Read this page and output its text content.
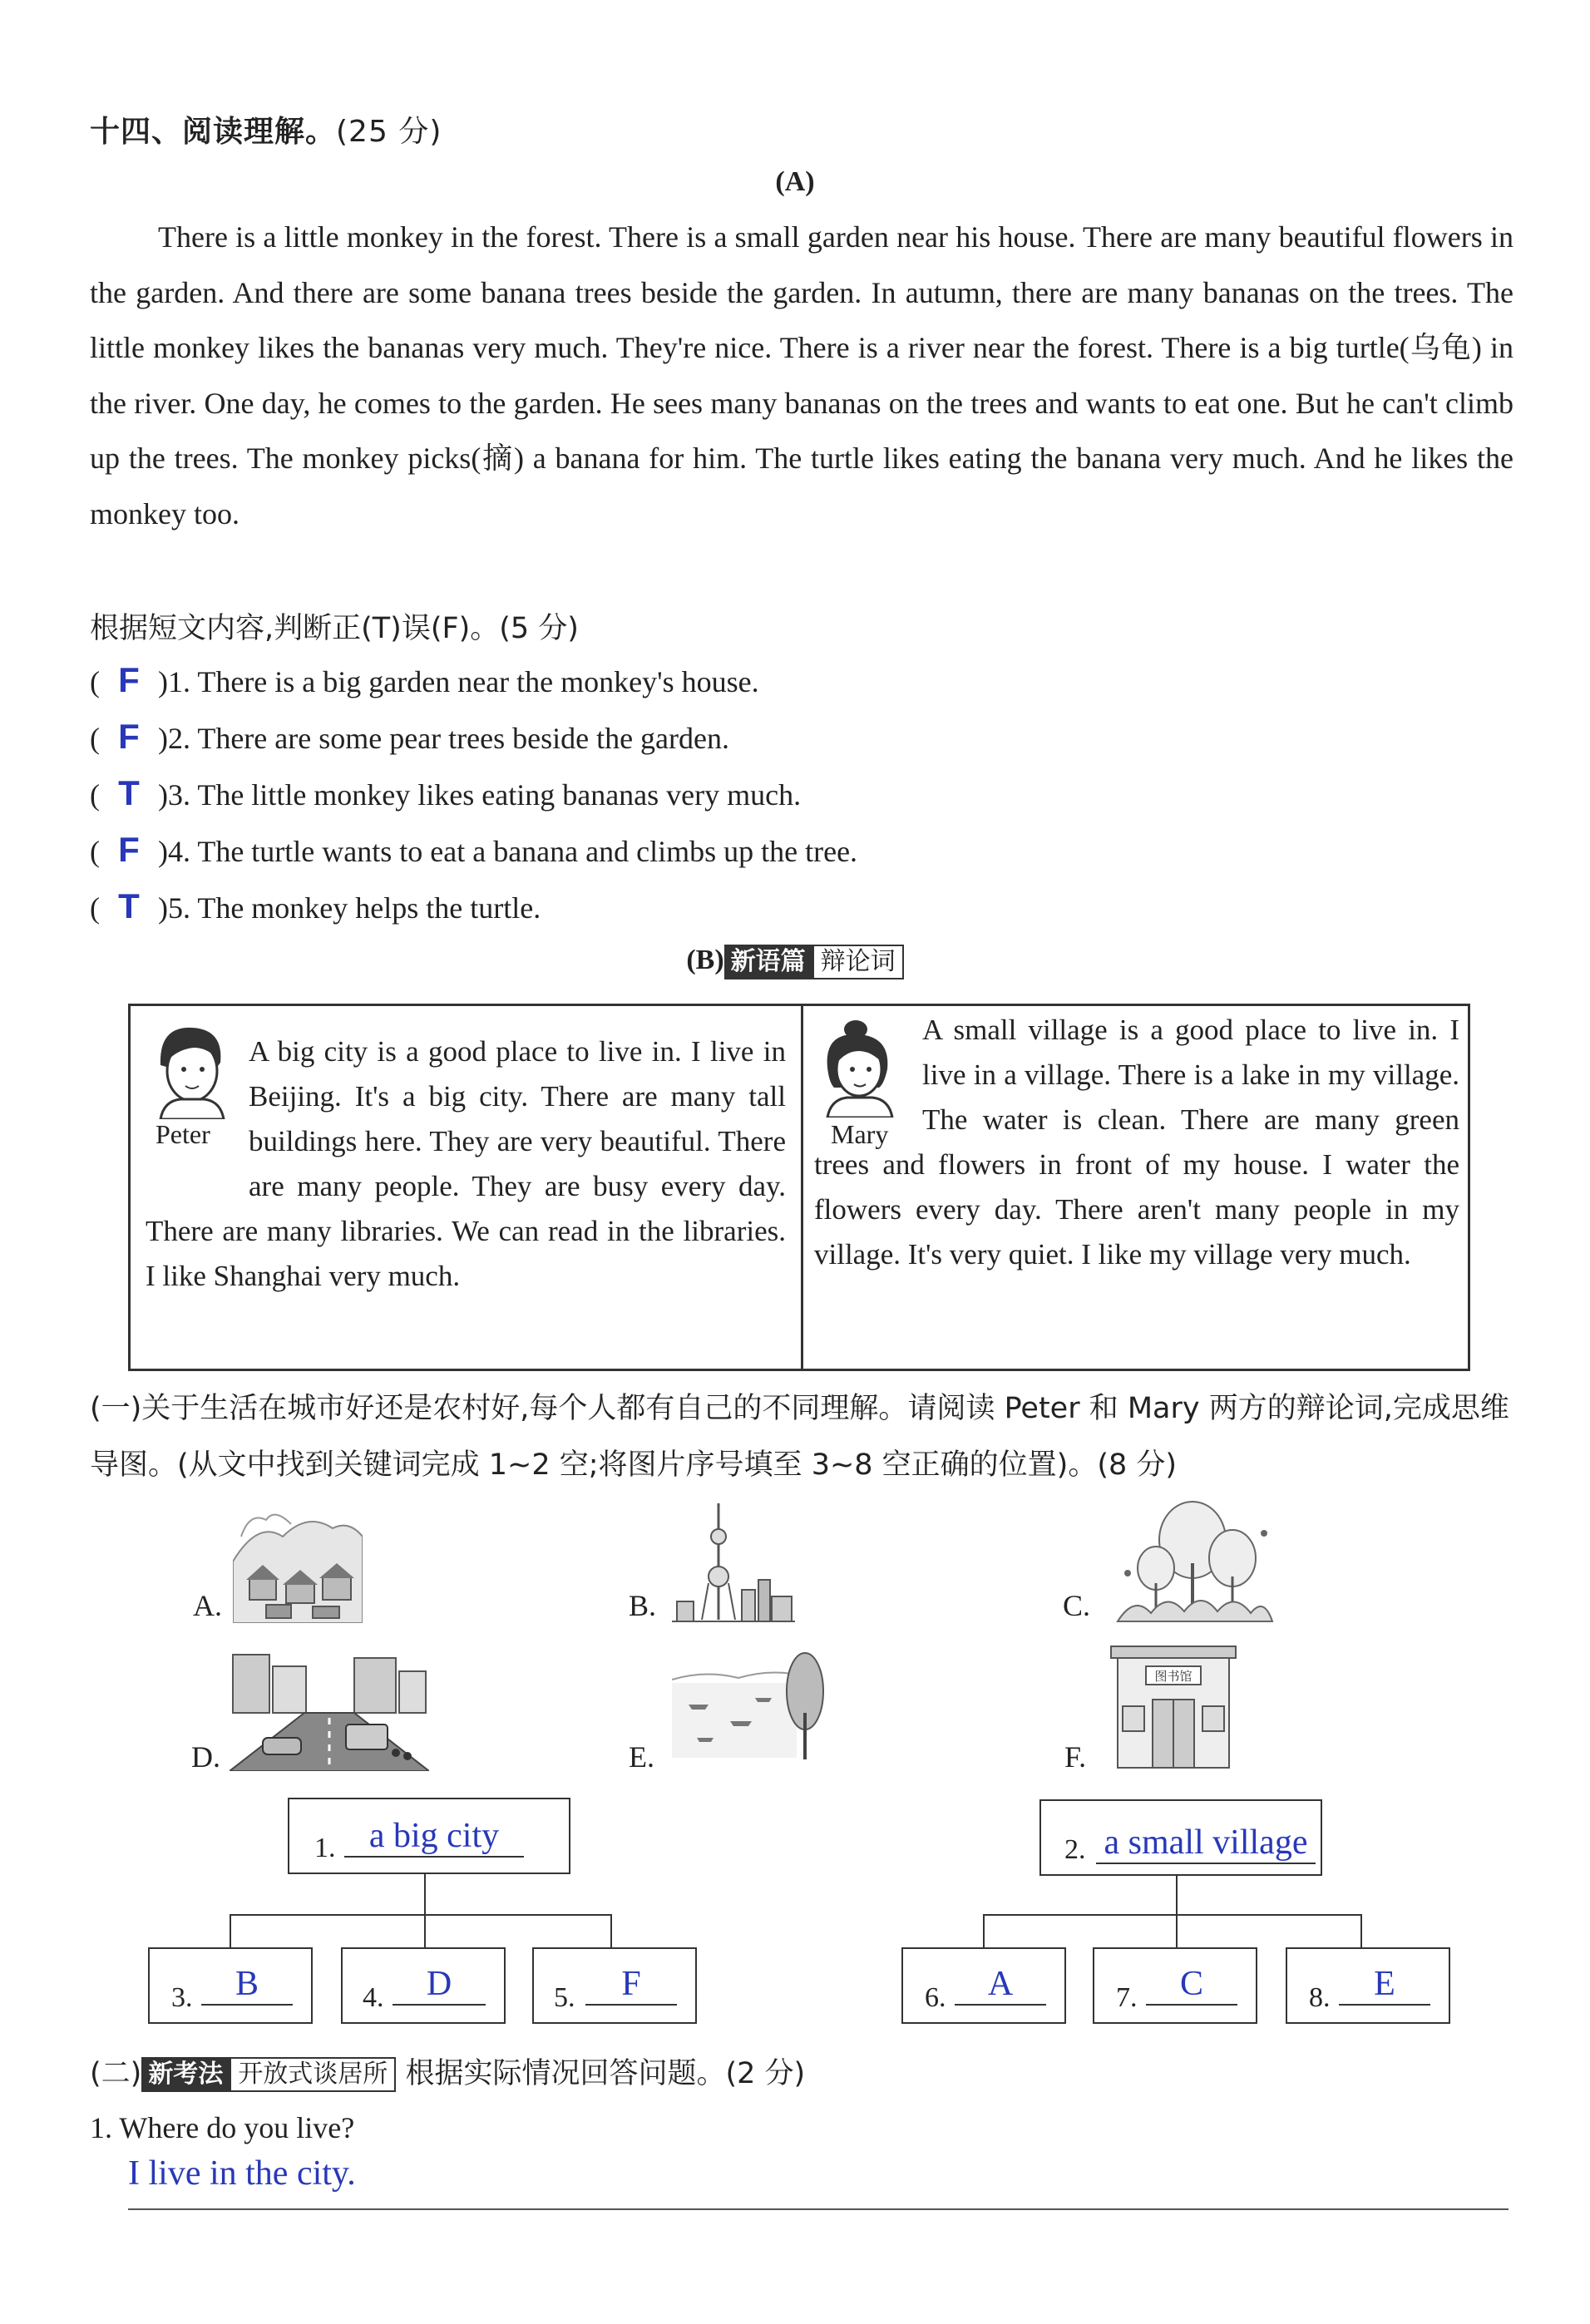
十四、阅读理解。(25 分)
(A)

There is a little monkey in the forest. There is a small garden near his house. There are many beautiful flowers in the garden. And there are some banana trees beside the garden. In autumn, there are many bananas on the trees. The little monkey likes the bananas very much. They're nice. There is a river near the forest. There is a big turtle(乌龟) in the river. One day, he comes to the garden. He sees many bananas on the trees and wants to eat one. But he can't climb up the trees. The monkey picks(摘) a banana for him. The turtle likes eating the banana very much. And he likes the monkey too.

根据短文内容,判断正(T)误(F)。(5 分)
( F )1. There is a big garden near the monkey's house.
( F )2. There are some pear trees beside the garden.
( T )3. The little monkey likes eating bananas very much.
( F )4. The turtle wants to eat a banana and climbs up the tree.
( T )5. The monkey helps the turtle.
(B) 新语篇 辩论词
Peter
A big city is a good place to live in. I live in Beijing. It's a big city. There are many tall buildings here. They are very beautiful. There are many people. They are busy every day. There are many libraries. We can read in the libraries. I like Shanghai very much.
Mary
A small village is a good place to live in. I live in a village. There is a lake in my village. The water is clean. There are many green trees and flowers in front of my house. I water the flowers every day. There aren't many people in my village. It's very quiet. I like my village very much.
(一)关于生活在城市好还是农村好,每个人都有自己的不同理解。请阅读 Peter 和 Mary 两方的辩论词,完成思维导图。(从文中找到关键词完成 1~2 空;将图片序号填至 3~8 空正确的位置)。(8 分)
A.	B.	C.
D.	E.	F.
图书馆
1. a big city	2. a small village
3.	B	4.	D	5.	F	6.	A	7.	C	8.	E
(二) 新考法 开放式谈居所 根据实际情况回答问题。(2 分)
1. Where do you live?
I live in the city.
